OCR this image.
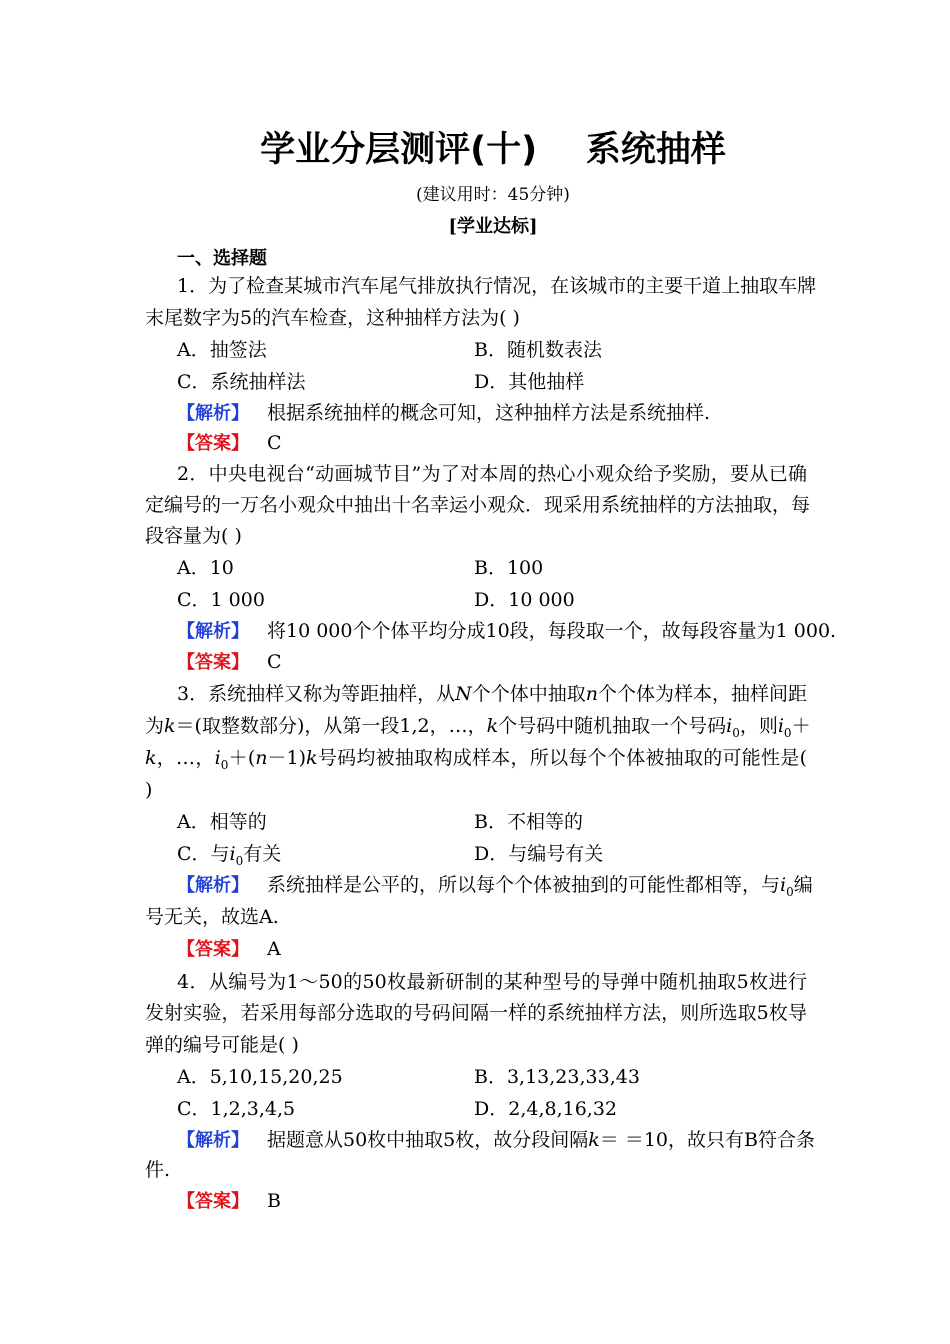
学业分层测评(十)    系统抽样
(建议用时：45分钟)
[学业达标]
一、选择题
1．为了检查某城市汽车尾气排放执行情况，在该城市的主要干道上抽取车牌
末尾数字为5的汽车检查，这种抽样方法为( )
A．抽签法	B．随机数表法
C．系统抽样法	D．其他抽样
【解析】 根据系统抽样的概念可知，这种抽样方法是系统抽样.
【答案】 C
2．中央电视台“动画城节目”为了对本周的热心小观众给予奖励，要从已确
定编号的一万名小观众中抽出十名幸运小观众．现采用系统抽样的方法抽取，每
段容量为( )
A．10	B．100
C．1 000	D．10 000
【解析】 将10 000个个体平均分成10段，每段取一个，故每段容量为1 000.
【答案】 C
3．系统抽样又称为等距抽样，从N个个体中抽取n个个体为样本，抽样间距
为k＝(取整数部分)，从第一段1,2，…，k个号码中随机抽取一个号码$i_0$，则$i_0+$
k，…，$i_0+(n-1)k$号码均被抽取构成样本，所以每个个体被抽取的可能性是(
)
A．相等的	B．不相等的
C．与$i_0$有关	D．与编号有关
【解析】 系统抽样是公平的，所以每个个体被抽到的可能性都相等，与$i_0$编
号无关，故选A.
【答案】 A
4．从编号为1～50的50枚最新研制的某种型号的导弹中随机抽取5枚进行
发射实验，若采用每部分选取的号码间隔一样的系统抽样方法，则所选取5枚导
弹的编号可能是( )
A．5,10,15,20,25	B．3,13,23,33,43
C．1,2,3,4,5	D．2,4,8,16,32
【解析】 据题意从50枚中抽取5枚，故分段间隔k＝ ＝10，故只有B符合条
件.
【答案】 B
